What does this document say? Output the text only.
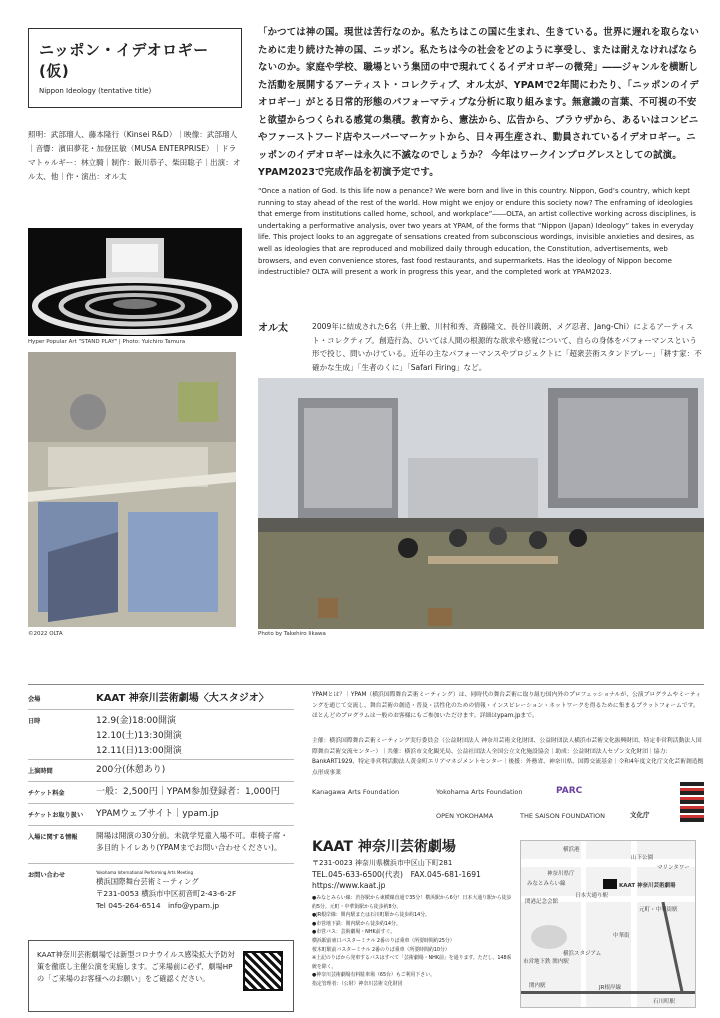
ニッポン・イデオロギー(仮)
Nippon Ideology (tentative title)
照明：武部瑠人、藤本隆行（Kinsei R&D）｜映像：武部瑠人｜音響：濱田夢花・加登匡敏（MUSA ENTERPRISE）｜ドラマトゥルギー：林立騎｜制作：飯川恭子、柴田聡子｜出演：オル太、他｜作・演出：オル太
「かつては神の国。現世は苦行なのか。私たちはこの国に生まれ、生きている。世界に遅れを取らないために走り続けた神の国、ニッポン。私たちは今の社会をどのように享受し、または耐えなければならないのか。家庭や学校、職場という集団の中で現れてくるイデオロギーの微発」――ジャンルを横断した活動を展開するアーティスト・コレクティブ、オル太が、YPAMで2年間にわたり、「ニッポンのイデオロギー」がとる日常的形態のパフォーマティブな分析に取り組みます。無意識の言葉、不可視の不安と欲望からつくられる感覚の集積。教育から、憲法から、広告から、ブラウザから、あるいはコンビニやファーストフード店やスーパーマーケットから、日々再生産され、動員されているイデオロギー。ニッポンのイデオロギーは永久に不滅なのでしょうか？ 今年はワークインプログレスとしての試演。YPAM2023で完成作品を初演予定です。
“Once a nation of God. Is this life now a penance? We were born and live in this country. Nippon, God’s country, which kept running to stay ahead of the rest of the world. How might we enjoy or endure this society now? The enframing of ideologies that emerge from institutions called home, school, and workplace”――OLTA, an artist collective working across disciplines, is undertaking a performative analysis, over two years at YPAM, of the forms that “Nippon (Japan) Ideology” takes in everyday life. This project looks to an aggregate of sensations created from subconscious wordings, invisible anxieties and desires, as well as ideologies that are reproduced and mobilized daily through education, the Constitution, advertisements, web browsers, and even convenience stores, fast food restaurants, and supermarkets. Has the ideology of Nippon become indestructible? OLTA will present a work in progress this year, and the completed work at YPAM2023.
Hyper Popular Art "STAND PLAY" | Photo: Yuichiro Tamura
©2022 OLTA
オル太	2009年に結成された6名（井上徹、川村和秀、斉藤隆文、長谷川義朗、メグ忍者、Jang-Chi）によるアーティスト・コレクティブ。創造行為、ひいては人間の根源的な欲求や感覚について、自らの身体をパフォーマンスという形で投じ、問いかけている。近年の主なパフォーマンスやプロジェクトに「超衆芸術スタンドプレー」「耕す家：不確かな生成」「生者のくに」「Safari Firing」など。
Photo by Takehiro Iikawa
会場	KAAT 神奈川芸術劇場〈大スタジオ〉
日時	12.9(金)18:00開演
12.10(土)13:30開演
12.11(日)13:00開演
上演時間	200分(休憩あり)
チケット料金	一般：2,500円｜YPAM参加登録者：1,000円
チケットお取り扱い	YPAMウェブサイト｜ypam.jp
入場に関する情報	開場は開演の30分前。未就学児童入場不可。車椅子席・多目的トイレあり(YPAMまでお問い合わせください)。
お問い合わせ	Yokohama International Performing Arts Meeting
横浜国際舞台芸術ミーティング
〒231-0053 横浜市中区初音町2-43-6-2F
Tel 045-264-6514　info@ypam.jp
KAAT神奈川芸術劇場では新型コロナウイルス感染拡大予防対策を徹底し主催公演を実施します。ご来場前に必ず、劇場HPの「ご来場のお客様へのお願い」をご確認ください。
YPAMとは？｜YPAM（横浜国際舞台芸術ミーティング）は、同時代の舞台芸術に取り組む国内外のプロフェッショナルが、公演プログラムやミーティングを通じて交流し、舞台芸術の創造・普及・活性化のための情報・インスピレーション・ネットワークを得るために集まるプラットフォームです。ほとんどのプログラムは一般のお客様にもご参加いただけます。詳細はypam.jpまで。
主催：横浜国際舞台芸術ミーティング実行委員会（公益財団法人 神奈川芸術文化財団、公益財団法人横浜市芸術文化振興財団、特定非営利活動法人国際舞台芸術交流センター）｜共催：横浜市文化観光局、公益社団法人全国公立文化施設協会｜助成：公益財団法人セゾン文化財団｜協力：BankART1929、特定非営利活動法人黄金町エリアマネジメントセンター｜後援：外務省、神奈川県、国際交流基金｜令和4年度文化庁文化芸術創造拠点形成事業
Kanagawa Arts Foundation	Yokohama Arts Foundation	PARC
OPEN YOKOHAMA	THE SAISON FOUNDATION	文化庁
KAAT 神奈川芸術劇場
〒231-0023 神奈川県横浜市中区山下町281
TEL.045-633-6500(代表)　FAX.045-681-1691
https://www.kaat.jp
●みなとみらい線：渋谷駅から東横線直通で35分！横浜駅から6分！日本大通り駅から徒歩約5分。元町・中華街駅から徒歩約8分。
●JR根岸線：関内駅または石川町駅から徒歩約14分。
●市営地下鉄：関内駅から徒歩約14分。
●市営バス：芸術劇場・NHK前すぐ。
横浜駅前東口バスターミナル 2番のりば乗車（所要時間約25分）
桜木町駅前バスターミナル 2番のりば乗車（所要時間約10分）
※上記のりばから発車するバスはすべて「芸術劇場・NHK前」を通ります。ただし、148系統を除く。
●神奈川芸術劇場有料駐車場（65台）もご利用下さい。
指定管理者：（公財）神奈川芸術文化財団
横浜港
山下公園
マリンタワー
神奈川県庁
みなとみらい線
日本大通り駅
KAAT 神奈川芸術劇場
関港記念会館
元町・中華街駅
中華街
市営地下鉄 関内駅
横浜スタジアム
関内駅	JR根岸線
石川町駅
